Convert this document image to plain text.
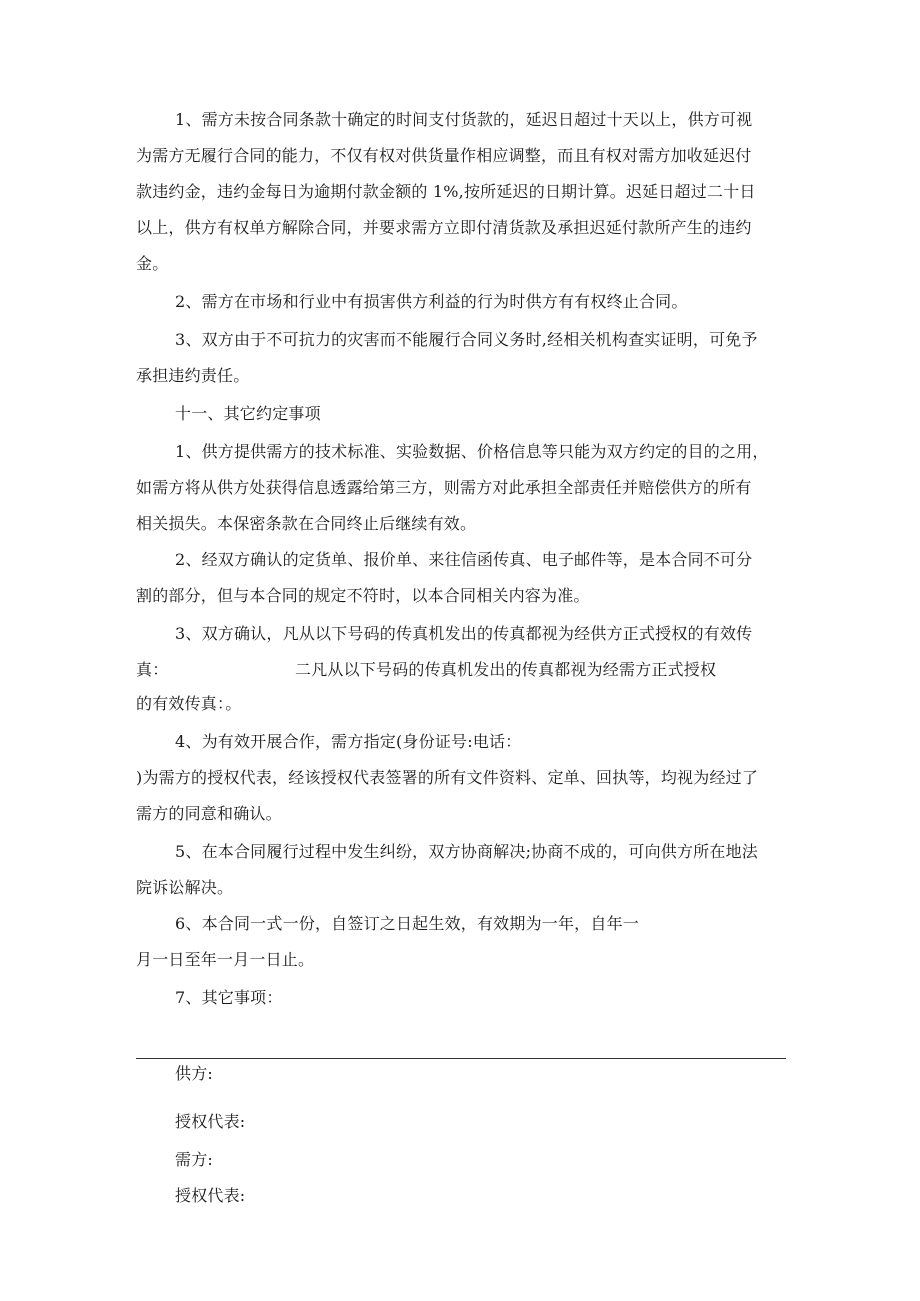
1、需方未按合同条款十确定的时间支付货款的，延迟日超过十天以上，供方可视
为需方无履行合同的能力，不仅有权对供货量作相应调整，而且有权对需方加收延迟付
款违约金，违约金每日为逾期付款金额的 1%,按所延迟的日期计算。迟延日超过二十日
以上，供方有权单方解除合同，并要求需方立即付清货款及承担迟延付款所产生的违约
金。
2、需方在市场和行业中有损害供方利益的行为时供方有有权终止合同。
3、双方由于不可抗力的灾害而不能履行合同义务时,经相关机构查实证明，可免予
承担违约责任。
十一、其它约定事项
1、供方提供需方的技术标准、实验数据、价格信息等只能为双方约定的目的之用，
如需方将从供方处获得信息透露给第三方，则需方对此承担全部责任并赔偿供方的所有
相关损失。本保密条款在合同终止后继续有效。
2、经双方确认的定货单、报价单、来往信函传真、电子邮件等，是本合同不可分
割的部分，但与本合同的规定不符时，以本合同相关内容为准。
3、双方确认，凡从以下号码的传真机发出的传真都视为经供方正式授权的有效传
真：	二凡从以下号码的传真机发出的传真都视为经需方正式授权
的有效传真：。
4、为有效开展合作，需方指定(身份证号:电话：
)为需方的授权代表，经该授权代表签署的所有文件资料、定单、回执等，均视为经过了
需方的同意和确认。
5、在本合同履行过程中发生纠纷，双方协商解决;协商不成的，可向供方所在地法
院诉讼解决。
6、本合同一式一份，自签订之日起生效，有效期为一年，自年一
月一日至年一月一日止。
7、其它事项：
供方:
授权代表:
需方:
授权代表:
